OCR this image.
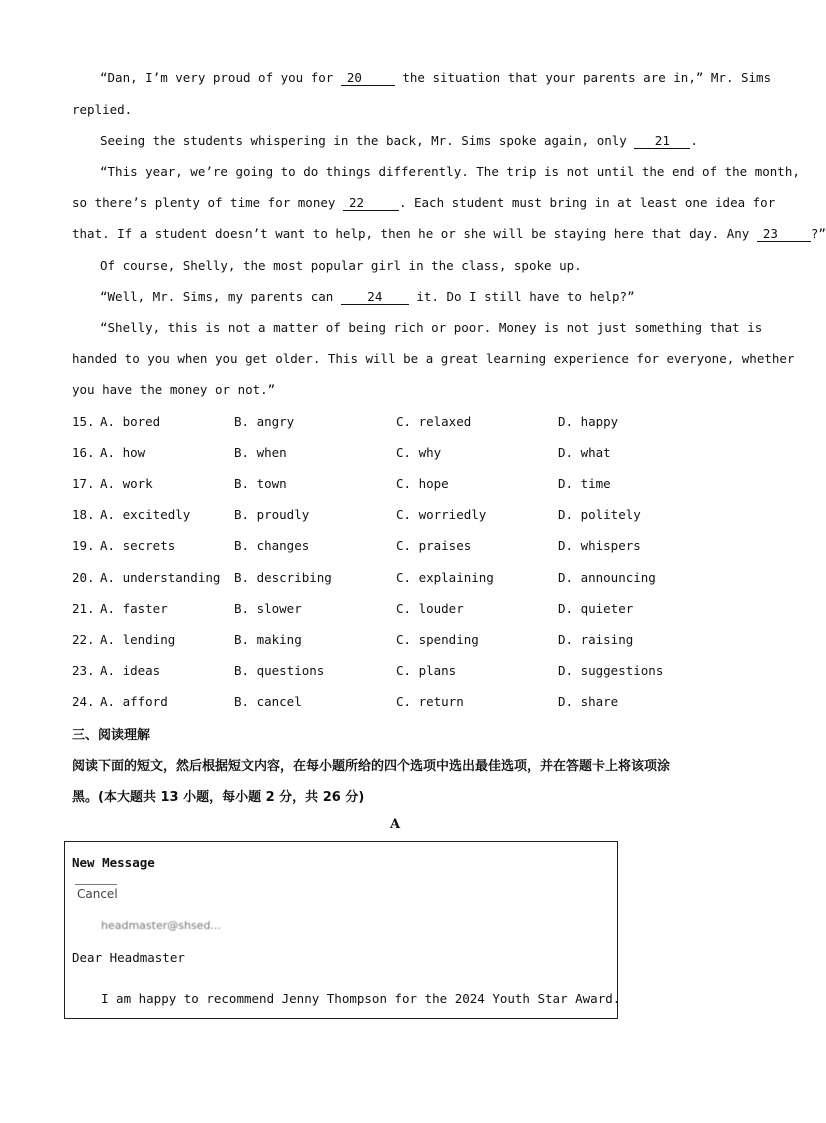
“Dan, I’m very proud of you for 20	the situation that your parents are in,” Mr. Sims
replied.
Seeing the students whispering in the back, Mr. Sims spoke again, only 21 .
“This year, we’re going to do things differently. The trip is not until the end of the month,
so there’s plenty of time for money 22	. Each student must bring in at least one idea for
that. If a student doesn’t want to help, then he or she will be staying here that day. Any 23	?”
Of course, Shelly, the most popular girl in the class, spoke up.
“Well, Mr. Sims, my parents can 24 it. Do I still have to help?”
“Shelly, this is not a matter of being rich or poor. Money is not just something that is
handed to you when you get older. This will be a great learning experience for everyone, whether
you have the money or not.”
15. A. bored	B. angry	C. relaxed	D. happy
16. A. how	B. when	C. why	D. what
17. A. work	B. town	C. hope	D. time
18. A. excitedly	B. proudly	C. worriedly	D. politely
19. A. secrets	B. changes	C. praises	D. whispers
20. A. understanding B. describing	C. explaining	D. announcing
21. A. faster	B. slower	C. louder	D. quieter
22. A. lending	B. making	C. spending	D. raising
23. A. ideas	B. questions	C. plans	D. suggestions
24. A. afford	B. cancel	C. return	D. share
三、阅读理解
阅读下面的短文，然后根据短文内容，在每小题所给的四个选项中选出最佳选项，并在答题卡上将该项涂
黑。(本大题共 13 小题，每小题 2 分，共 26 分)
A
New Message
Cancel
headmaster@shsed...
Dear Headmaster
I am happy to recommend Jenny Thompson for the 2024 Youth Star Award.
